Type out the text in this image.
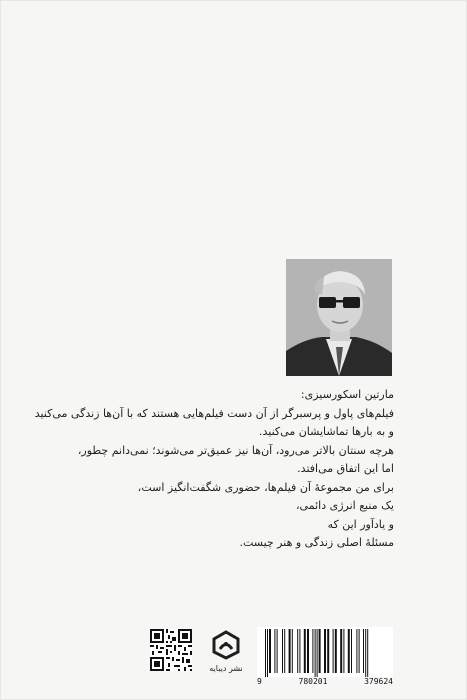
مارتین اسکورسیزی:
فیلم‌های پاول و پرسبرگر از آن دست فیلم‌هایی هستند که با آن‌ها زندگی می‌کنید
و به بارها تماشایشان می‌کنید.
هرچه سنتان بالاتر می‌رود، آن‌ها نیز عمیق‌تر می‌شوند؛ نمی‌دانم چطور،
اما این اتفاق می‌افتد.
برای من مجموعهٔ آن فیلم‌ها، حضوری شگفت‌انگیز است،
یک منبع انرژی دائمی،
و یادآور این که
مسئلهٔ اصلی زندگی و هنر چیست.
نشر دیبایه
9	780201	379624
